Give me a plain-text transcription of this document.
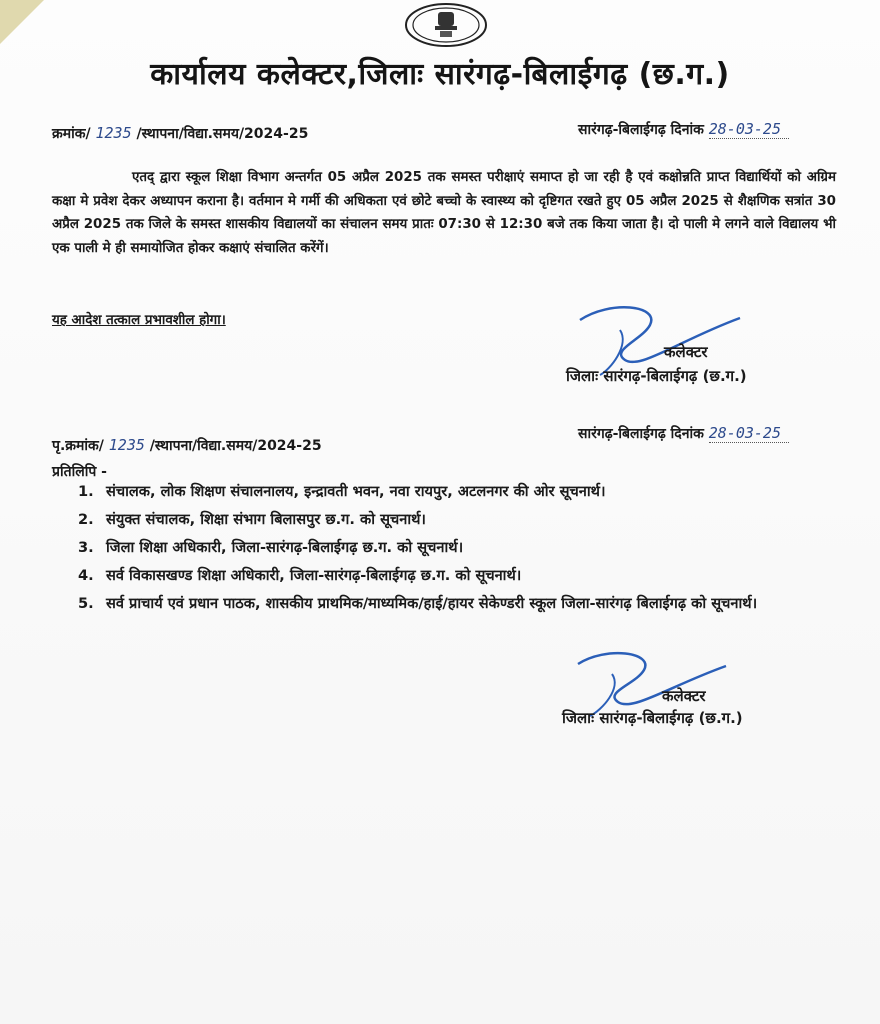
कार्यालय कलेक्टर,जिलाः सारंगढ़-बिलाईगढ़ (छ.ग.)
क्रमांक/ 1235 /स्थापना/विद्या.समय/2024-25	सारंगढ़-बिलाईगढ़ दिनांक 28-03-25
एतद् द्वारा स्कूल शिक्षा विभाग अन्तर्गत 05 अप्रैल 2025 तक समस्त परीक्षाएं समाप्त हो जा रही है एवं कक्षोन्नति प्राप्त विद्यार्थियों को अग्रिम कक्षा मे प्रवेश देकर अध्यापन कराना है। वर्तमान मे गर्मी की अधिकता एवं छोटे बच्चो के स्वास्थ्य को दृष्टिगत रखते हुए 05 अप्रैल 2025 से शैक्षणिक सत्रांत 30 अप्रैल 2025 तक जिले के समस्त शासकीय विद्यालयों का संचालन समय प्रातः 07:30 से 12:30 बजे तक किया जाता है। दो पाली मे लगने वाले विद्यालय भी एक पाली मे ही समायोजित होकर कक्षाएं संचालित करेंगें।
यह आदेश तत्काल प्रभावशील होगा।
कलेक्टर
जिलाः सारंगढ़-बिलाईगढ़ (छ.ग.)
पृ.क्रमांक/ 1235 /स्थापना/विद्या.समय/2024-25
सारंगढ़-बिलाईगढ़ दिनांक 28-03-25
प्रतिलिपि -
1. संचालक, लोक शिक्षण संचालनालय, इन्द्रावती भवन, नवा रायपुर, अटलनगर की ओर सूचनार्थ।
2. संयुक्त संचालक, शिक्षा संभाग बिलासपुर छ.ग. को सूचनार्थ।
3. जिला शिक्षा अधिकारी, जिला-सारंगढ़-बिलाईगढ़ छ.ग. को सूचनार्थ।
4. सर्व विकासखण्ड शिक्षा अधिकारी, जिला-सारंगढ़-बिलाईगढ़ छ.ग. को सूचनार्थ।
5. सर्व प्राचार्य एवं प्रधान पाठक, शासकीय प्राथमिक/माध्यमिक/हाई/हायर सेकेण्डरी स्कूल जिला-सारंगढ़ बिलाईगढ़ को सूचनार्थ।
कलेक्टर
जिलाः सारंगढ़-बिलाईगढ़ (छ.ग.)
